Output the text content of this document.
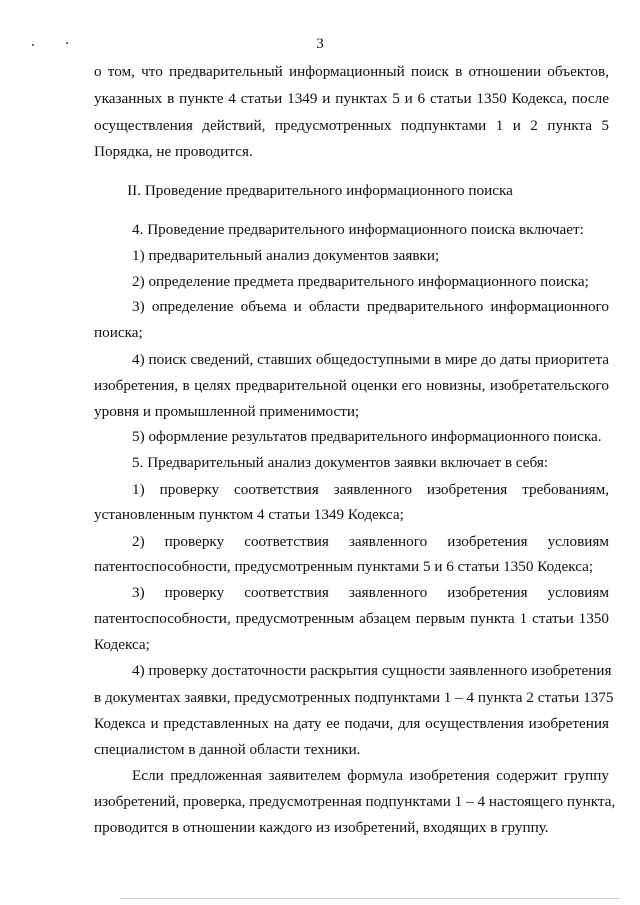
3
о том, что предварительный информационный поиск в отношении объектов,
указанных в пункте 4 статьи 1349 и пунктах 5 и 6 статьи 1350 Кодекса, после
осуществления действий, предусмотренных подпунктами 1 и 2 пункта 5
Порядка, не проводится.
II. Проведение предварительного информационного поиска
4. Проведение предварительного информационного поиска включает:
1) предварительный анализ документов заявки;
2) определение предмета предварительного информационного поиска;
3) определение объема и области предварительного информационного
поиска;
4) поиск сведений, ставших общедоступными в мире до даты приоритета
изобретения, в целях предварительной оценки его новизны, изобретательского
уровня и промышленной применимости;
5) оформление результатов предварительного информационного поиска.
5. Предварительный анализ документов заявки включает в себя:
1) проверку соответствия заявленного изобретения требованиям,
установленным пунктом 4 статьи 1349 Кодекса;
2) проверку соответствия заявленного изобретения условиям
патентоспособности, предусмотренным пунктами 5 и 6 статьи 1350 Кодекса;
3) проверку соответствия заявленного изобретения условиям
патентоспособности, предусмотренным абзацем первым пункта 1 статьи 1350
Кодекса;
4) проверку достаточности раскрытия сущности заявленного изобретения
в документах заявки, предусмотренных подпунктами 1 – 4 пункта 2 статьи 1375
Кодекса и представленных на дату ее подачи, для осуществления изобретения
специалистом в данной области техники.
Если предложенная заявителем формула изобретения содержит группу
изобретений, проверка, предусмотренная подпунктами 1 – 4 настоящего пункта,
проводится в отношении каждого из изобретений, входящих в группу.
